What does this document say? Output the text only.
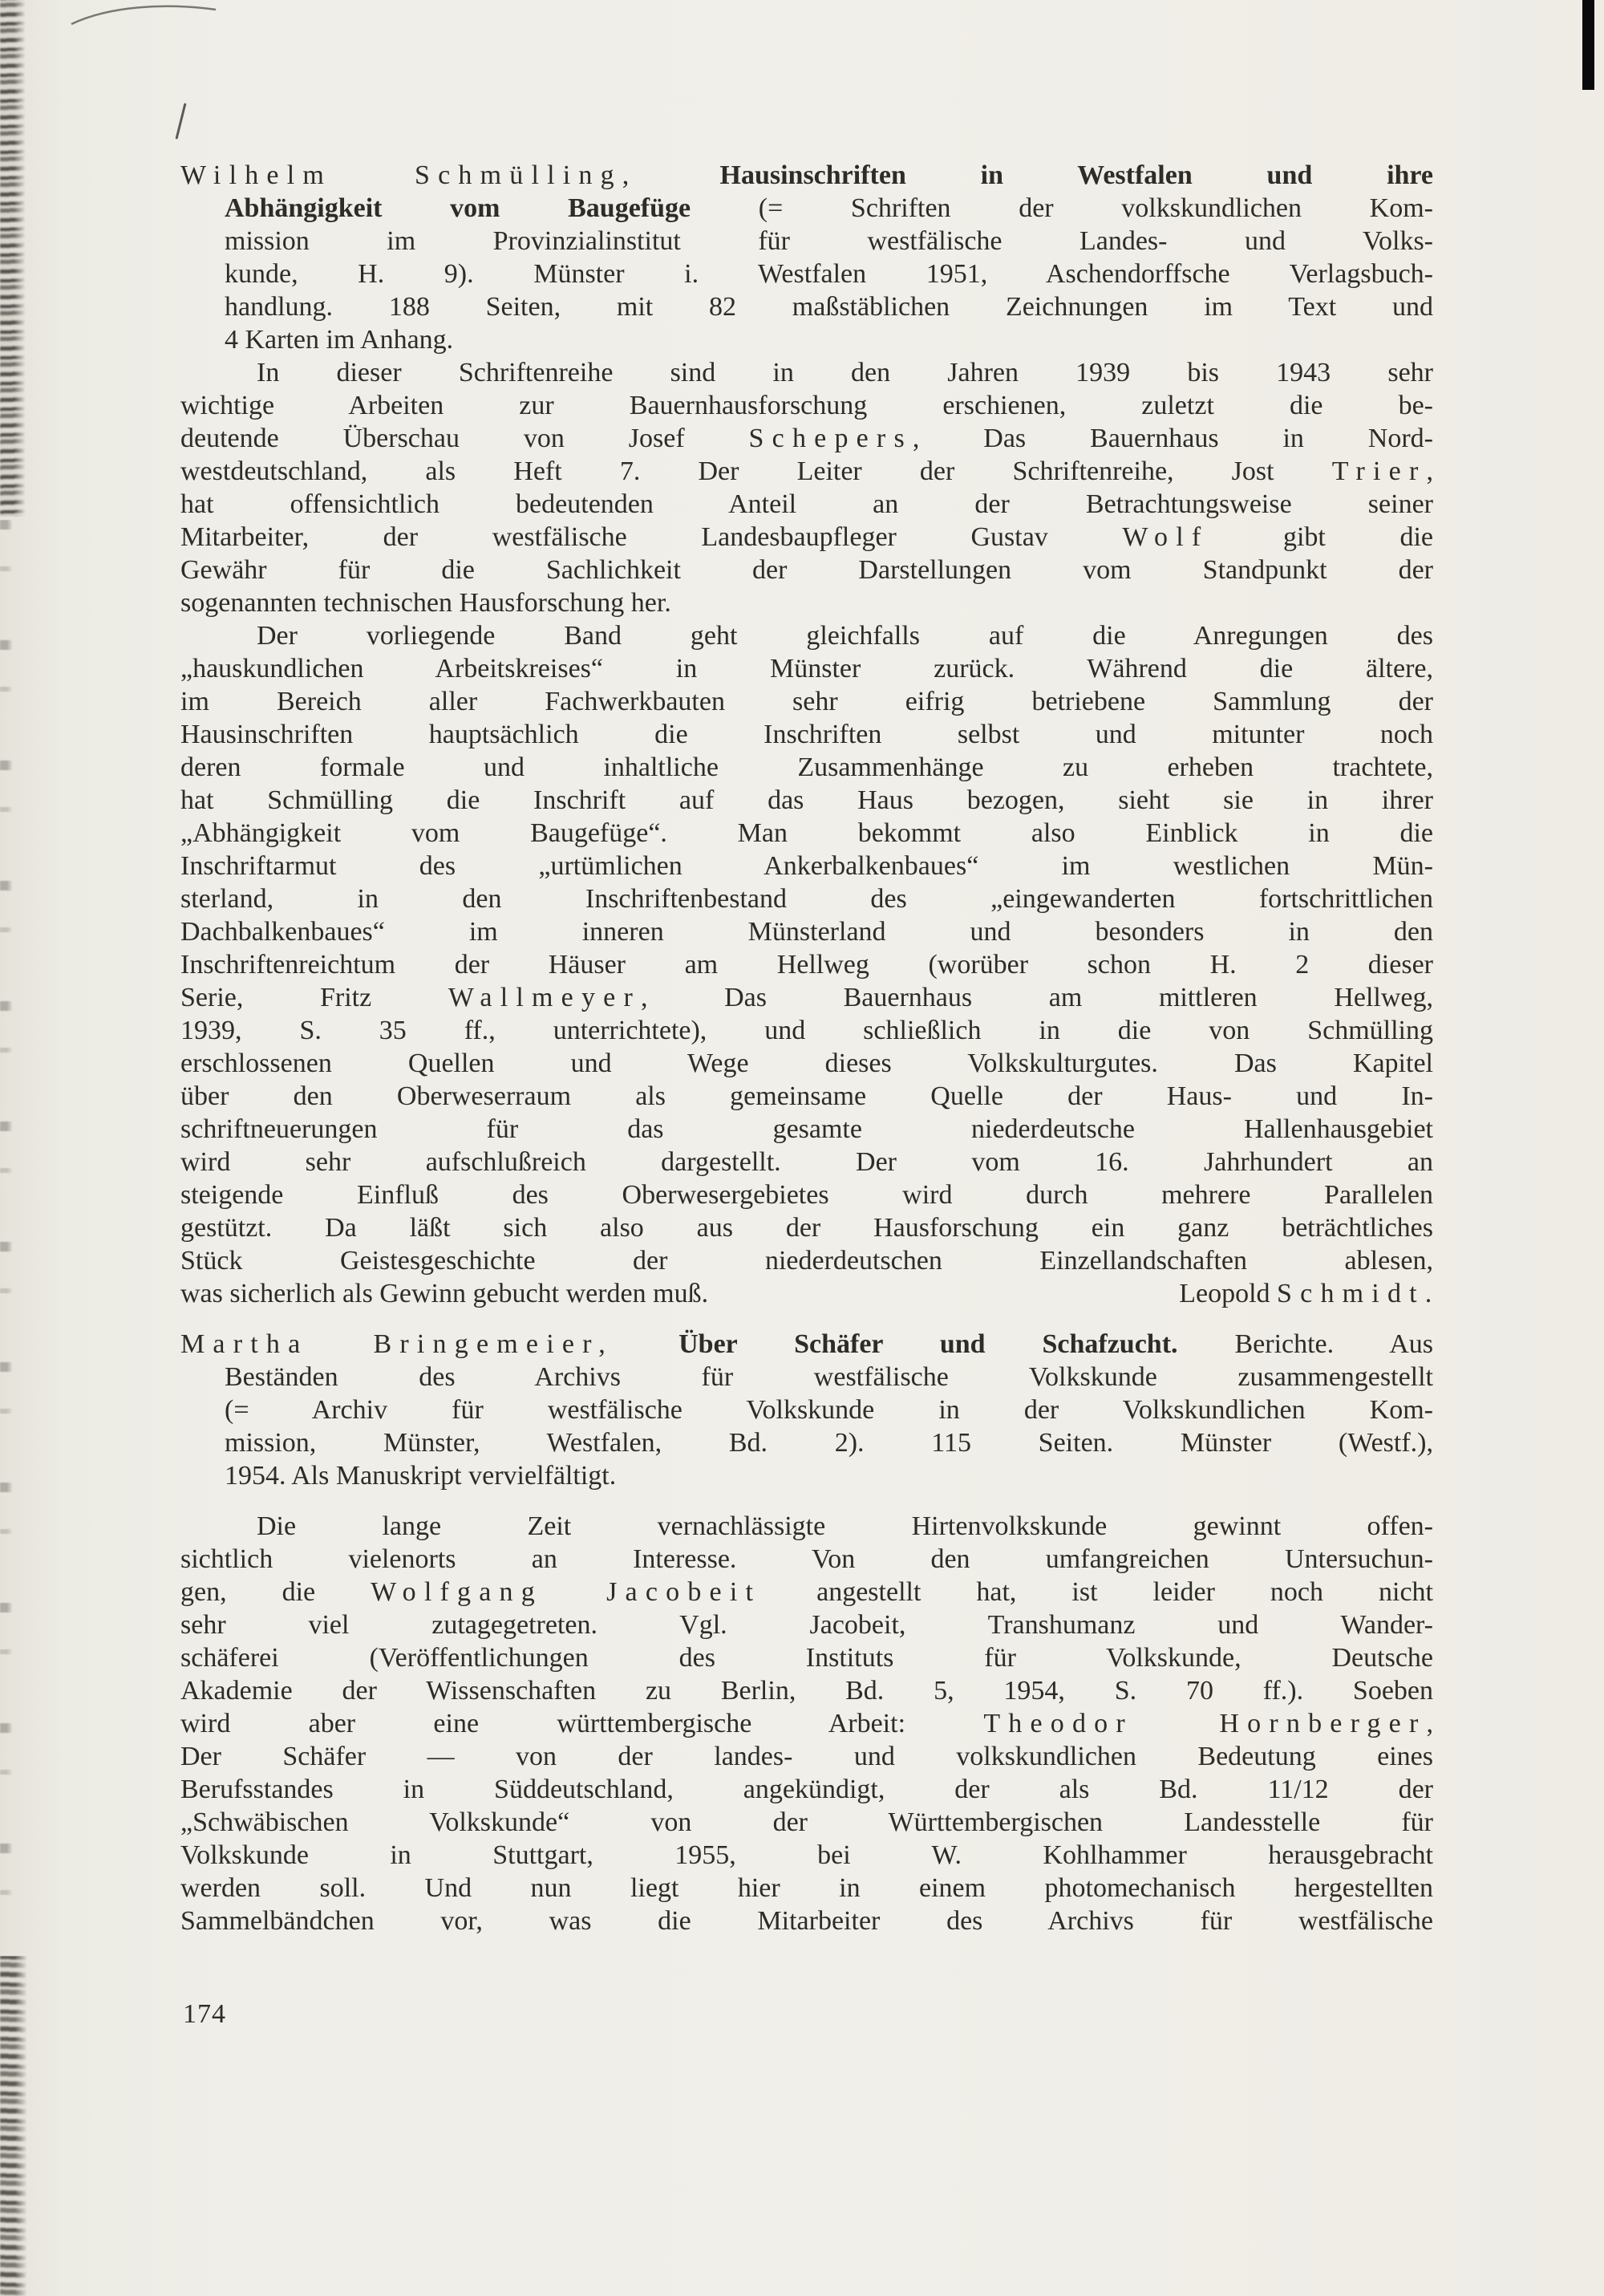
Wilhelm Schmülling, Hausinschriften in Westfalen und ihre
Abhängigkeit vom Baugefüge (= Schriften der volkskundlichen Kom-
mission im Provinzialinstitut für westfälische Landes- und Volks-
kunde, H. 9). Münster i. Westfalen 1951, Aschendorffsche Verlagsbuch-
handlung. 188 Seiten, mit 82 maßstäblichen Zeichnungen im Text und
4 Karten im Anhang.
In dieser Schriftenreihe sind in den Jahren 1939 bis 1943 sehr
wichtige Arbeiten zur Bauernhausforschung erschienen, zuletzt die be-
deutende Überschau von Josef Schepers, Das Bauernhaus in Nord-
westdeutschland, als Heft 7. Der Leiter der Schriftenreihe, Jost Trier,
hat offensichtlich bedeutenden Anteil an der Betrachtungsweise seiner
Mitarbeiter, der westfälische Landesbaupfleger Gustav Wolf gibt die
Gewähr für die Sachlichkeit der Darstellungen vom Standpunkt der
sogenannten technischen Hausforschung her.
Der vorliegende Band geht gleichfalls auf die Anregungen des
„hauskundlichen Arbeitskreises“ in Münster zurück. Während die ältere,
im Bereich aller Fachwerkbauten sehr eifrig betriebene Sammlung der
Hausinschriften hauptsächlich die Inschriften selbst und mitunter noch
deren formale und inhaltliche Zusammenhänge zu erheben trachtete,
hat Schmülling die Inschrift auf das Haus bezogen, sieht sie in ihrer
„Abhängigkeit vom Baugefüge“. Man bekommt also Einblick in die
Inschriftarmut des „urtümlichen Ankerbalkenbaues“ im westlichen Mün-
sterland, in den Inschriftenbestand des „eingewanderten fortschrittlichen
Dachbalkenbaues“ im inneren Münsterland und besonders in den
Inschriftenreichtum der Häuser am Hellweg (worüber schon H. 2 dieser
Serie, Fritz Wallmeyer, Das Bauernhaus am mittleren Hellweg,
1939, S. 35 ff., unterrichtete), und schließlich in die von Schmülling
erschlossenen Quellen und Wege dieses Volkskulturgutes. Das Kapitel
über den Oberweserraum als gemeinsame Quelle der Haus- und In-
schriftneuerungen für das gesamte niederdeutsche Hallenhausgebiet
wird sehr aufschlußreich dargestellt. Der vom 16. Jahrhundert an
steigende Einfluß des Oberwesergebietes wird durch mehrere Parallelen
gestützt. Da läßt sich also aus der Hausforschung ein ganz beträchtliches
Stück Geistesgeschichte der niederdeutschen Einzellandschaften ablesen,
Schmidt.
Leopold
was sicherlich als Gewinn gebucht werden muß.
Martha Bringemeier, Über Schäfer und Schafzucht. Berichte. Aus
Beständen des Archivs für westfälische Volkskunde zusammengestellt
(= Archiv für westfälische Volkskunde in der Volkskundlichen Kom-
mission, Münster, Westfalen, Bd. 2). 115 Seiten. Münster (Westf.),
1954. Als Manuskript vervielfältigt.
Die lange Zeit vernachlässigte Hirtenvolkskunde gewinnt offen-
sichtlich vielenorts an Interesse. Von den umfangreichen Untersuchun-
gen, die Wolfgang Jacobeit angestellt hat, ist leider noch nicht
sehr viel zutagegetreten. Vgl. Jacobeit, Transhumanz und Wander-
schäferei (Veröffentlichungen des Instituts für Volkskunde, Deutsche
Akademie der Wissenschaften zu Berlin, Bd. 5, 1954, S. 70 ff.). Soeben
wird aber eine württembergische Arbeit: Theodor Hornberger,
Der Schäfer — von der landes- und volkskundlichen Bedeutung eines
Berufsstandes in Süddeutschland, angekündigt, der als Bd. 11/12 der
„Schwäbischen Volkskunde“ von der Württembergischen Landesstelle für
Volkskunde in Stuttgart, 1955, bei W. Kohlhammer herausgebracht
werden soll. Und nun liegt hier in einem photomechanisch hergestellten
Sammelbändchen vor, was die Mitarbeiter des Archivs für westfälische
174
